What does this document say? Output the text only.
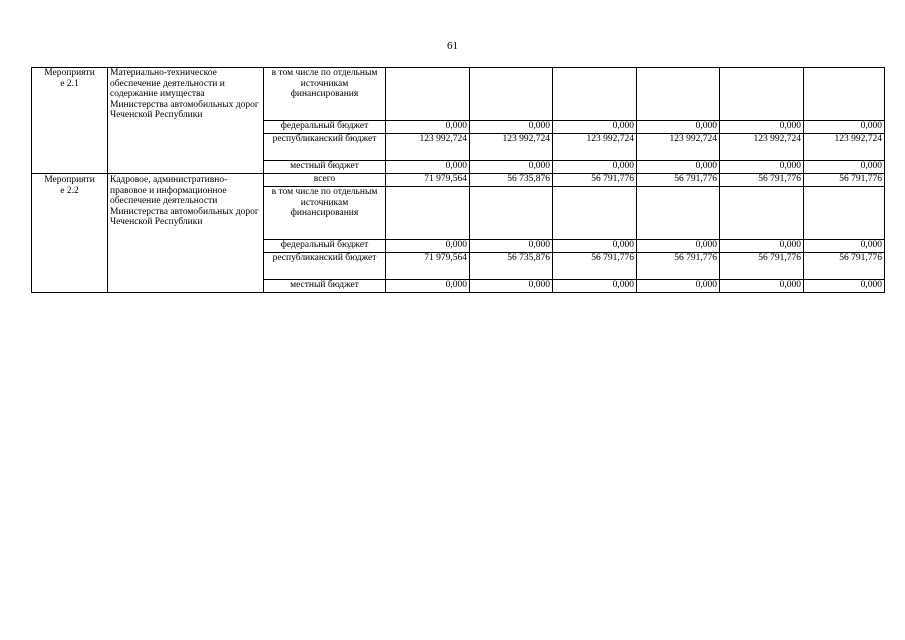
61
Мероприяти
е 2.1	Материально-техническое обеспечение деятельности и содержание имущества Министерства автомобильных дорог Чеченской Республики	в том числе по отдельным источникам финансирования						
		федеральный бюджет	0,000	0,000	0,000	0,000	0,000	0,000
		республиканский бюджет	123 992,724	123 992,724	123 992,724	123 992,724	123 992,724	123 992,724
		местный бюджет	0,000	0,000	0,000	0,000	0,000	0,000
Мероприяти
е 2.2	Кадровое, административно-правовое и информационное обеспечение деятельности Министерства автомобильных дорог Чеченской Республики	всего	71 979,564	56 735,876	56 791,776	56 791,776	56 791,776	56 791,776
		в том числе по отдельным источникам финансирования						
		федеральный бюджет	0,000	0,000	0,000	0,000	0,000	0,000
		республиканский бюджет	71 979,564	56 735,876	56 791,776	56 791,776	56 791,776	56 791,776
		местный бюджет	0,000	0,000	0,000	0,000	0,000	0,000
